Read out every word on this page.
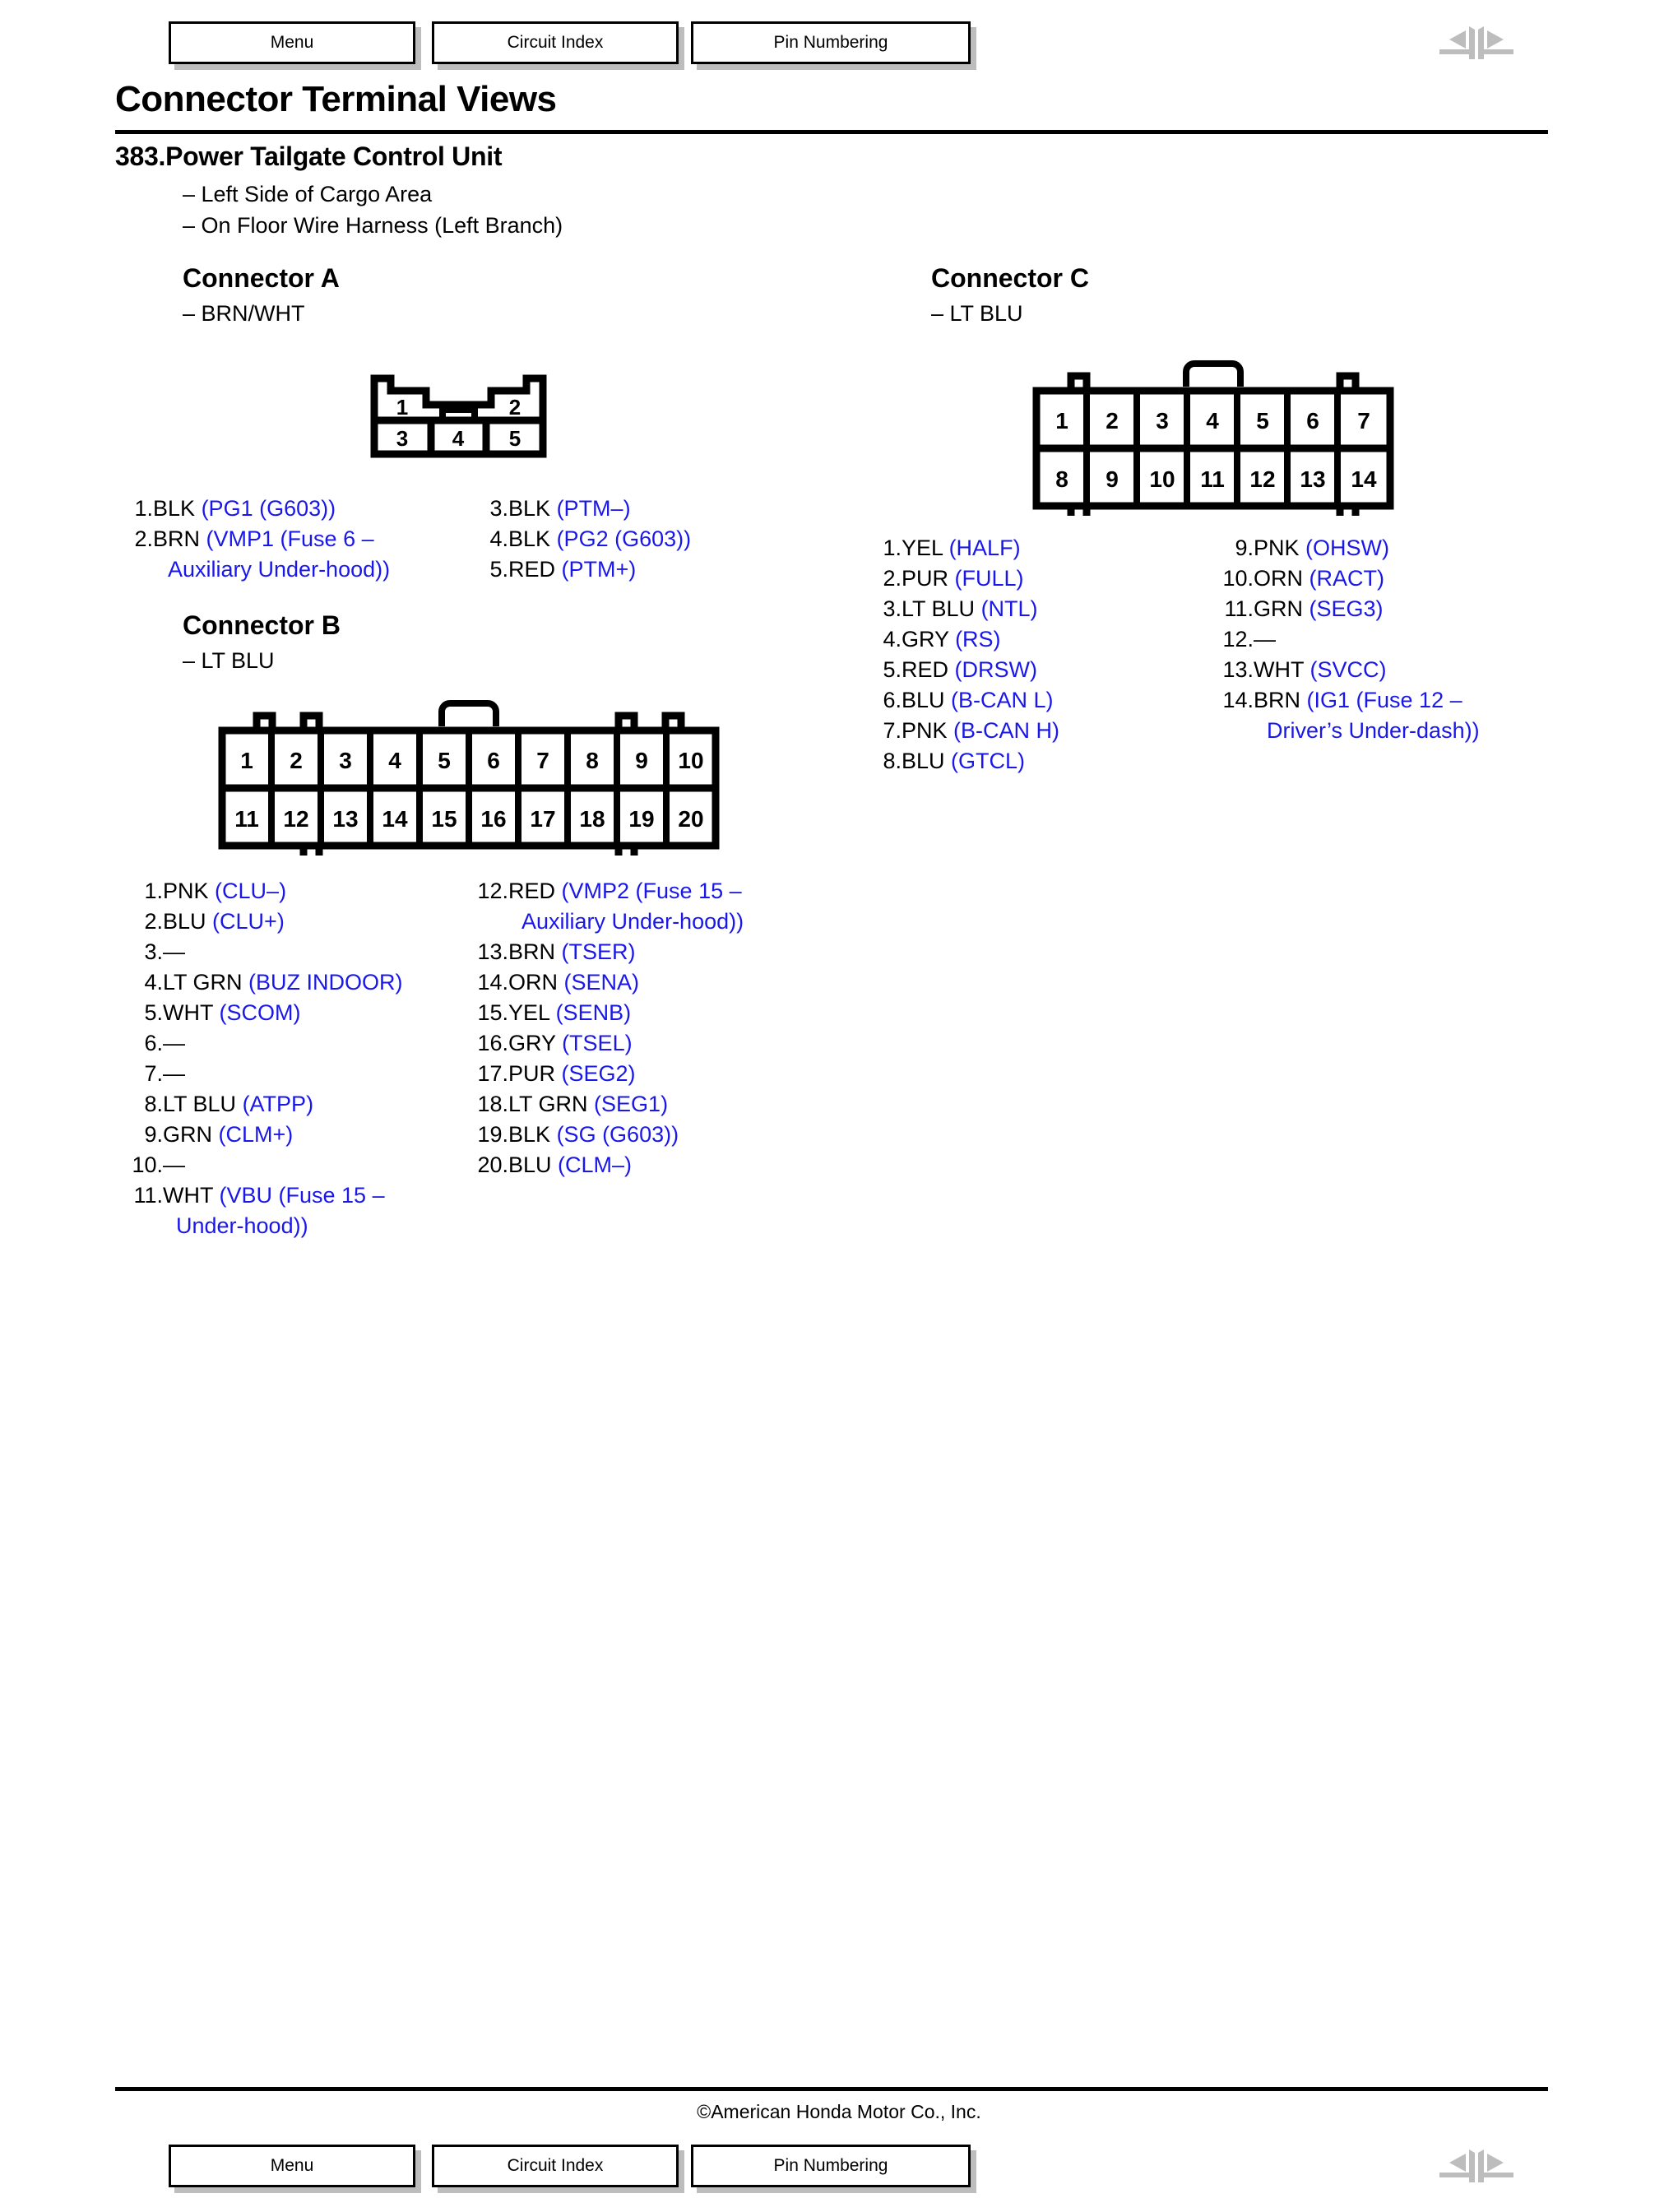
Menu	Circuit Index	Pin Numbering
Connector Terminal Views
383.Power Tailgate Control Unit
– Left Side of Cargo Area
– On Floor Wire Harness (Left Branch)
Connector A
– BRN/WHT
1	2
3 4 5
1.BLK (PG1 (G603))
2.BRN (VMP1 (Fuse 6 –
Auxiliary Under-hood))
3.BLK (PTM–)
4.BLK (PG2 (G603))
5.RED (PTM+)
Connector B
– LT BLU
1 2 3 4 5 6 7 8 9 10
11 12 13 14 15 16 17 18 19 20
1.PNK (CLU–)
2.BLU (CLU+)
3.—
4.LT GRN (BUZ INDOOR)
5.WHT (SCOM)
6.—
7.—
8.LT BLU (ATPP)
9.GRN (CLM+)
10.—
11.WHT (VBU (Fuse 15 –
Under-hood))
12.RED (VMP2 (Fuse 15 –
Auxiliary Under-hood))
13.BRN (TSER)
14.ORN (SENA)
15.YEL (SENB)
16.GRY (TSEL)
17.PUR (SEG2)
18.LT GRN (SEG1)
19.BLK (SG (G603))
20.BLU (CLM–)
Connector C
– LT BLU
1 2 3 4 5 6 7
8 9 10 11 12 13 14
1.YEL (HALF)
2.PUR (FULL)
3.LT BLU (NTL)
4.GRY (RS)
5.RED (DRSW)
6.BLU (B-CAN L)
7.PNK (B-CAN H)
8.BLU (GTCL)
9.PNK (OHSW)
10.ORN (RACT)
11.GRN (SEG3)
12.—
13.WHT (SVCC)
14.BRN (IG1 (Fuse 12 –
Driver’s Under-dash))
©American Honda Motor Co., Inc.
Menu	Circuit Index	Pin Numbering
